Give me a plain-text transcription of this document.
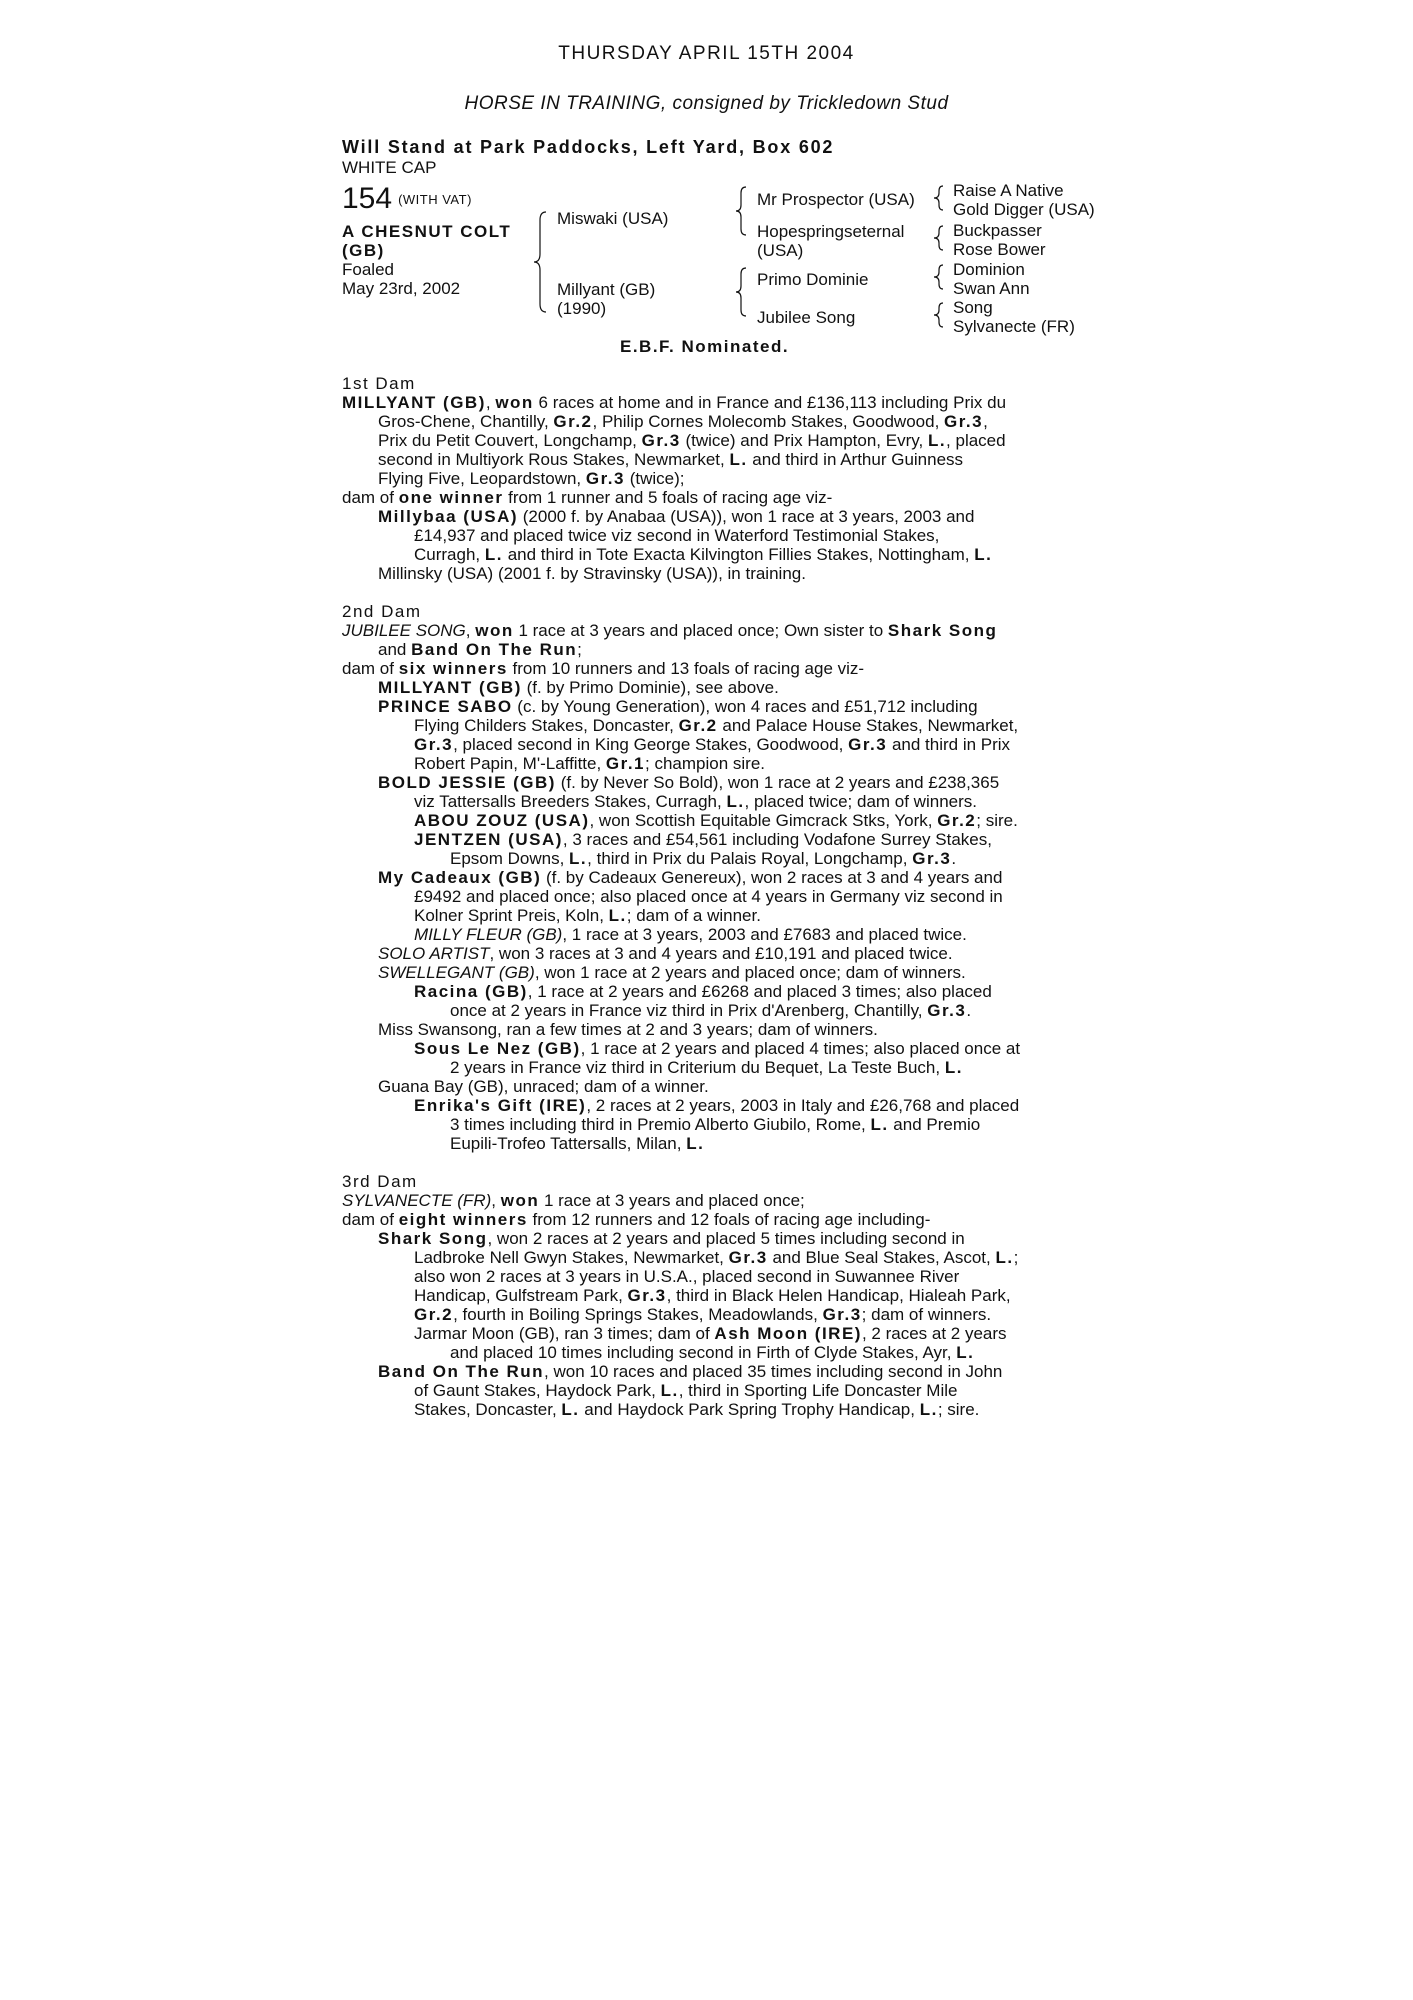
THURSDAY APRIL 15TH 2004
HORSE IN TRAINING, consigned by Trickledown Stud
Will Stand at Park Paddocks, Left Yard, Box 602
WHITE CAP
154 (WITH VAT)
A CHESNUT COLT
(GB)
Foaled
May 23rd, 2002
Miswaki (USA)
Millyant (GB)
(1990)
Mr Prospector (USA)
Hopespringseternal
(USA)
Primo Dominie
Jubilee Song
Raise A Native
Gold Digger (USA)
Buckpasser
Rose Bower
Dominion
Swan Ann
Song
Sylvanecte (FR)
E.B.F. Nominated.
1st Dam
MILLYANT (GB), won 6 races at home and in France and £136,113 including Prix du
Gros-Chene, Chantilly, Gr.2, Philip Cornes Molecomb Stakes, Goodwood, Gr.3,
Prix du Petit Couvert, Longchamp, Gr.3 (twice) and Prix Hampton, Evry, L., placed
second in Multiyork Rous Stakes, Newmarket, L. and third in Arthur Guinness
Flying Five, Leopardstown, Gr.3 (twice);
dam of one winner from 1 runner and 5 foals of racing age viz-
Millybaa (USA) (2000 f. by Anabaa (USA)), won 1 race at 3 years, 2003 and
£14,937 and placed twice viz second in Waterford Testimonial Stakes,
Curragh, L. and third in Tote Exacta Kilvington Fillies Stakes, Nottingham, L.
Millinsky (USA) (2001 f. by Stravinsky (USA)), in training.
2nd Dam
JUBILEE SONG, won 1 race at 3 years and placed once; Own sister to Shark Song
and Band On The Run;
dam of six winners from 10 runners and 13 foals of racing age viz-
MILLYANT (GB) (f. by Primo Dominie), see above.
PRINCE SABO (c. by Young Generation), won 4 races and £51,712 including
Flying Childers Stakes, Doncaster, Gr.2 and Palace House Stakes, Newmarket,
Gr.3, placed second in King George Stakes, Goodwood, Gr.3 and third in Prix
Robert Papin, M'-Laffitte, Gr.1; champion sire.
BOLD JESSIE (GB) (f. by Never So Bold), won 1 race at 2 years and £238,365
viz Tattersalls Breeders Stakes, Curragh, L., placed twice; dam of winners.
ABOU ZOUZ (USA), won Scottish Equitable Gimcrack Stks, York, Gr.2; sire.
JENTZEN (USA), 3 races and £54,561 including Vodafone Surrey Stakes,
Epsom Downs, L., third in Prix du Palais Royal, Longchamp, Gr.3.
My Cadeaux (GB) (f. by Cadeaux Genereux), won 2 races at 3 and 4 years and
£9492 and placed once; also placed once at 4 years in Germany viz second in
Kolner Sprint Preis, Koln, L.; dam of a winner.
MILLY FLEUR (GB), 1 race at 3 years, 2003 and £7683 and placed twice.
SOLO ARTIST, won 3 races at 3 and 4 years and £10,191 and placed twice.
SWELLEGANT (GB), won 1 race at 2 years and placed once; dam of winners.
Racina (GB), 1 race at 2 years and £6268 and placed 3 times; also placed
once at 2 years in France viz third in Prix d'Arenberg, Chantilly, Gr.3.
Miss Swansong, ran a few times at 2 and 3 years; dam of winners.
Sous Le Nez (GB), 1 race at 2 years and placed 4 times; also placed once at
2 years in France viz third in Criterium du Bequet, La Teste Buch, L.
Guana Bay (GB), unraced; dam of a winner.
Enrika's Gift (IRE), 2 races at 2 years, 2003 in Italy and £26,768 and placed
3 times including third in Premio Alberto Giubilo, Rome, L. and Premio
Eupili-Trofeo Tattersalls, Milan, L.
3rd Dam
SYLVANECTE (FR), won 1 race at 3 years and placed once;
dam of eight winners from 12 runners and 12 foals of racing age including-
Shark Song, won 2 races at 2 years and placed 5 times including second in
Ladbroke Nell Gwyn Stakes, Newmarket, Gr.3 and Blue Seal Stakes, Ascot, L.;
also won 2 races at 3 years in U.S.A., placed second in Suwannee River
Handicap, Gulfstream Park, Gr.3, third in Black Helen Handicap, Hialeah Park,
Gr.2, fourth in Boiling Springs Stakes, Meadowlands, Gr.3; dam of winners.
Jarmar Moon (GB), ran 3 times; dam of Ash Moon (IRE), 2 races at 2 years
and placed 10 times including second in Firth of Clyde Stakes, Ayr, L.
Band On The Run, won 10 races and placed 35 times including second in John
of Gaunt Stakes, Haydock Park, L., third in Sporting Life Doncaster Mile
Stakes, Doncaster, L. and Haydock Park Spring Trophy Handicap, L.; sire.
